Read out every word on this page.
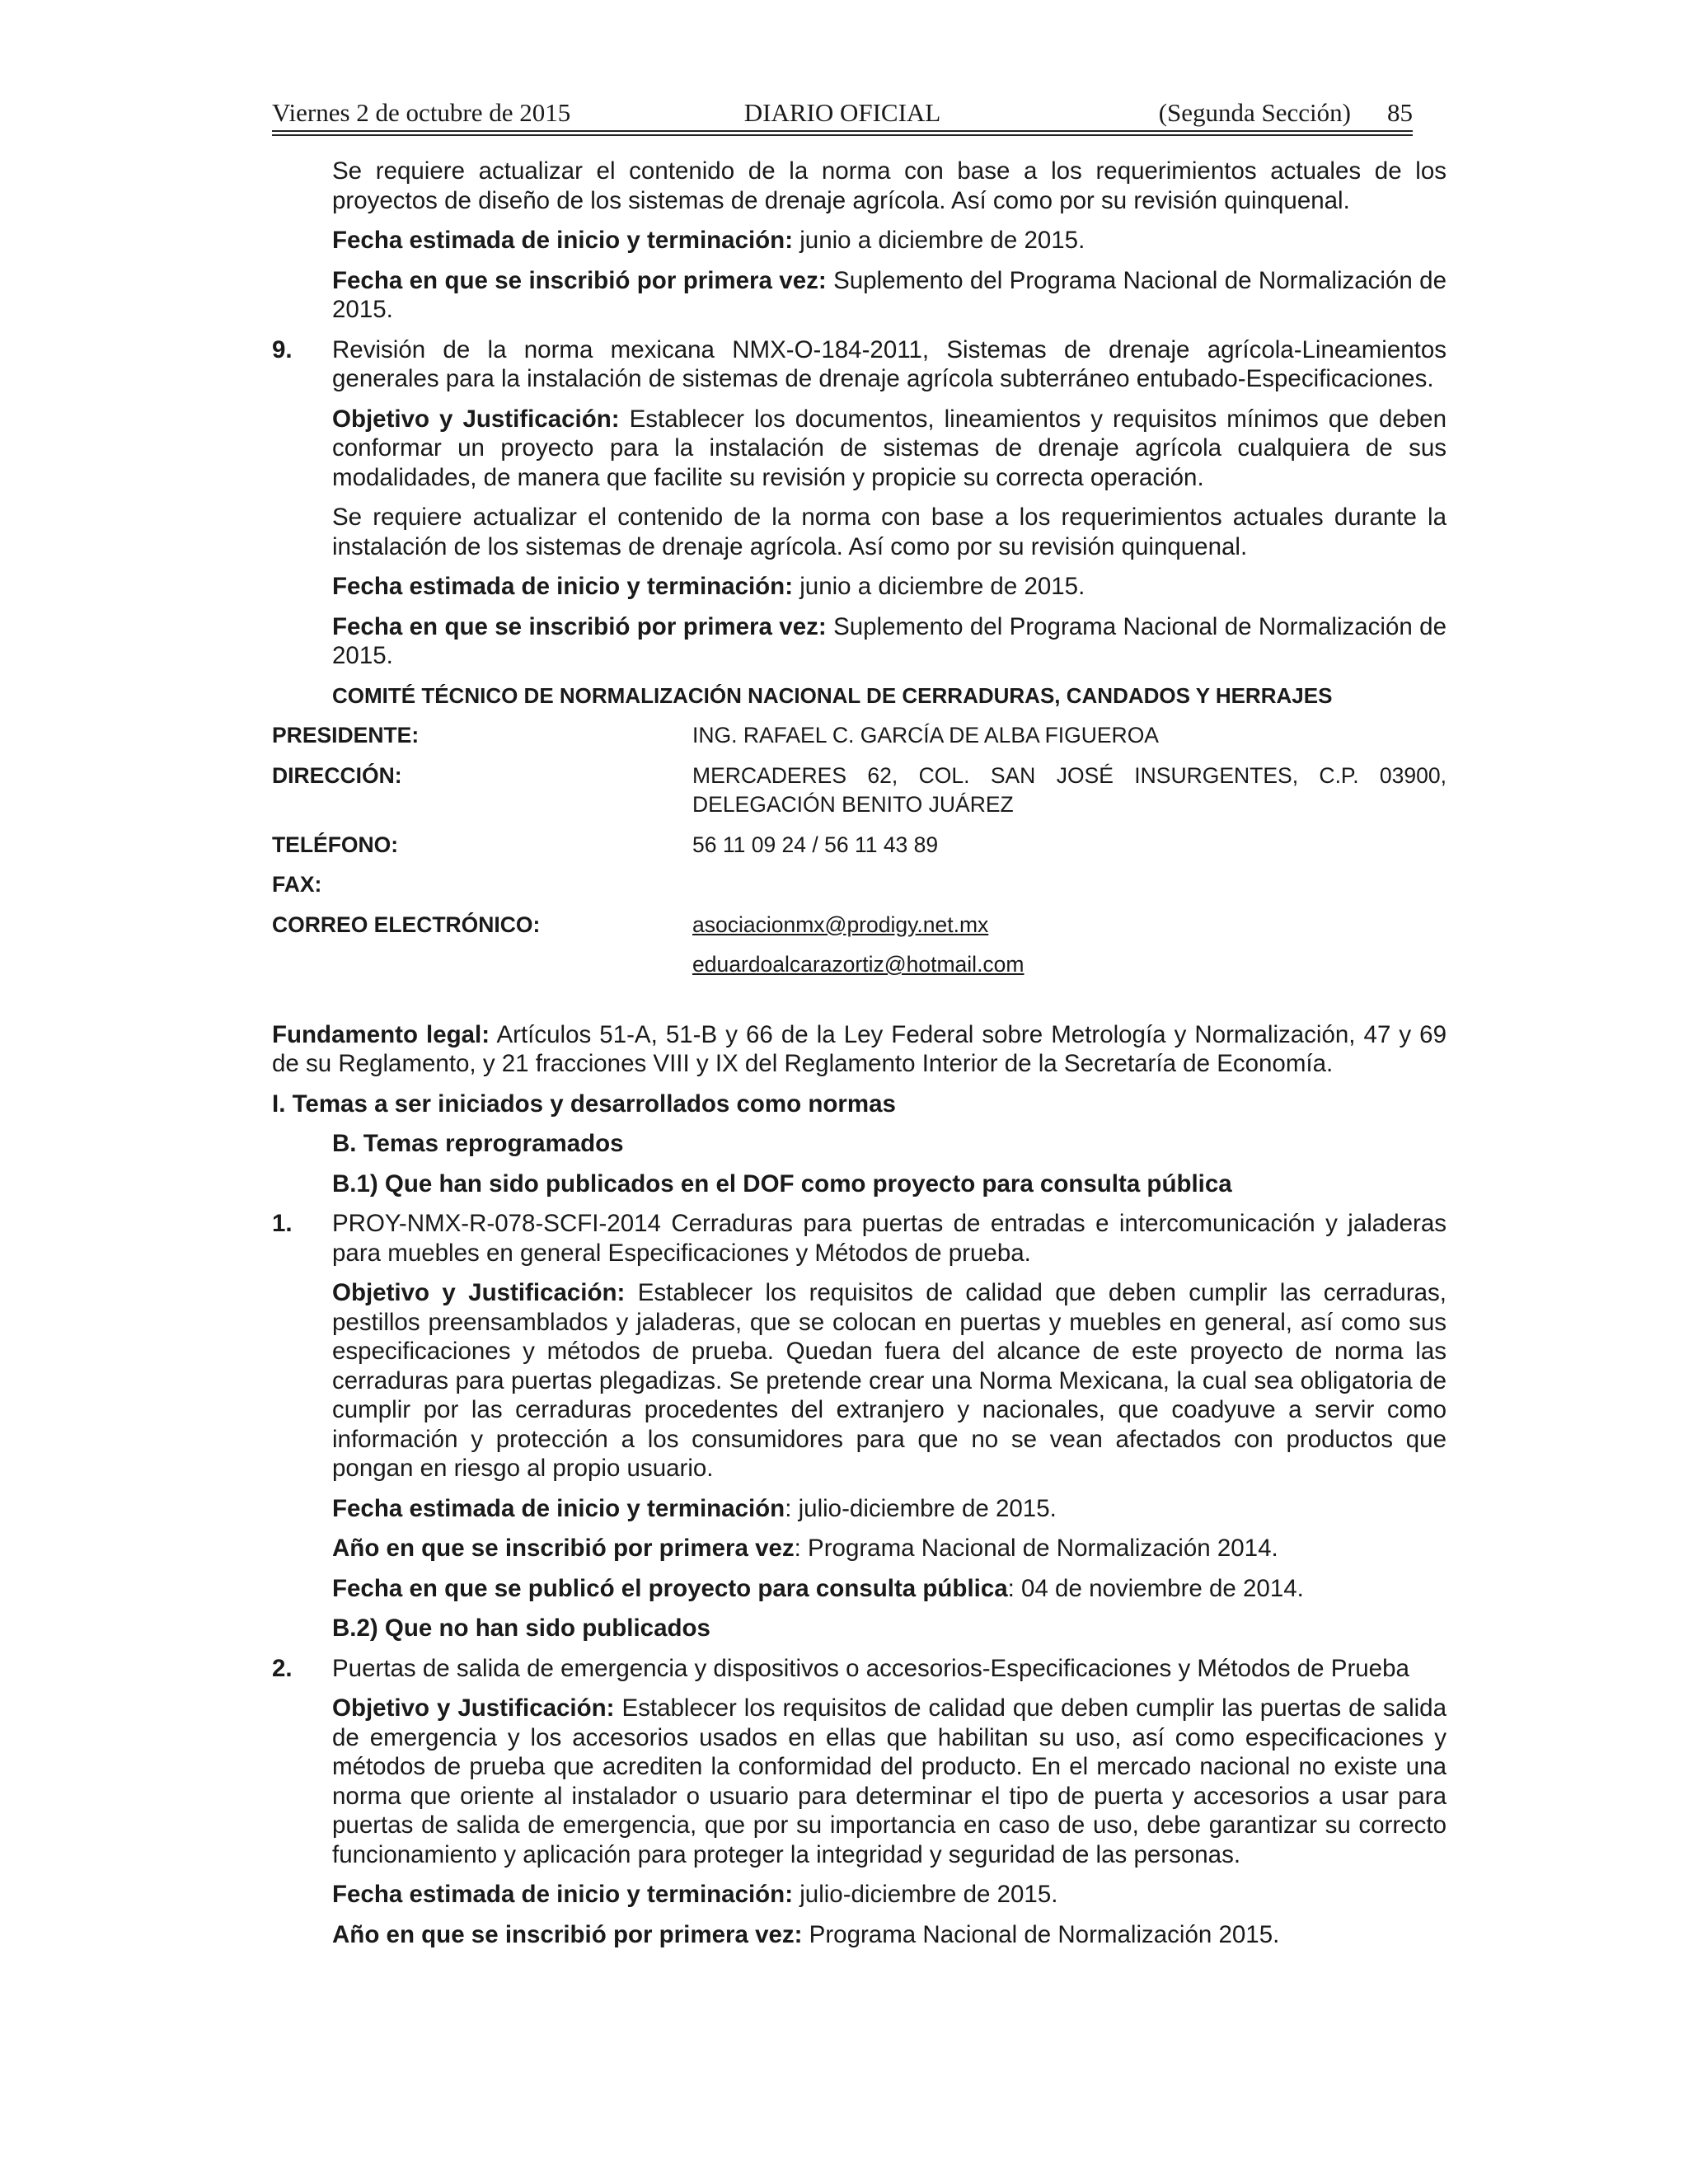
Viernes 2 de octubre de 2015	DIARIO OFICIAL	(Segunda Sección) 85

Se requiere actualizar el contenido de la norma con base a los requerimientos actuales de los proyectos de diseño de los sistemas de drenaje agrícola. Así como por su revisión quinquenal.

Fecha estimada de inicio y terminación: junio a diciembre de 2015.

Fecha en que se inscribió por primera vez: Suplemento del Programa Nacional de Normalización de 2015.

9. Revisión de la norma mexicana NMX-O-184-2011, Sistemas de drenaje agrícola-Lineamientos generales para la instalación de sistemas de drenaje agrícola subterráneo entubado-Especificaciones.

Objetivo y Justificación: Establecer los documentos, lineamientos y requisitos mínimos que deben conformar un proyecto para la instalación de sistemas de drenaje agrícola cualquiera de sus modalidades, de manera que facilite su revisión y propicie su correcta operación.

Se requiere actualizar el contenido de la norma con base a los requerimientos actuales durante la instalación de los sistemas de drenaje agrícola. Así como por su revisión quinquenal.

Fecha estimada de inicio y terminación: junio a diciembre de 2015.

Fecha en que se inscribió por primera vez: Suplemento del Programa Nacional de Normalización de 2015.

COMITÉ TÉCNICO DE NORMALIZACIÓN NACIONAL DE CERRADURAS, CANDADOS Y HERRAJES
PRESIDENTE:	ING. RAFAEL C. GARCÍA DE ALBA FIGUEROA
DIRECCIÓN:	MERCADERES 62, COL. SAN JOSÉ INSURGENTES, C.P. 03900, DELEGACIÓN BENITO JUÁREZ
TELÉFONO:	56 11 09 24 / 56 11 43 89
FAX:
CORREO ELECTRÓNICO:	asociacionmx@prodigy.net.mx
eduardoalcarazortiz@hotmail.com

Fundamento legal: Artículos 51-A, 51-B y 66 de la Ley Federal sobre Metrología y Normalización, 47 y 69 de su Reglamento, y 21 fracciones VIII y IX del Reglamento Interior de la Secretaría de Economía.

I. Temas a ser iniciados y desarrollados como normas
B. Temas reprogramados
B.1) Que han sido publicados en el DOF como proyecto para consulta pública
1. PROY-NMX-R-078-SCFI-2014 Cerraduras para puertas de entradas e intercomunicación y jaladeras para muebles en general Especificaciones y Métodos de prueba.

Objetivo y Justificación: Establecer los requisitos de calidad que deben cumplir las cerraduras, pestillos preensamblados y jaladeras, que se colocan en puertas y muebles en general, así como sus especificaciones y métodos de prueba. Quedan fuera del alcance de este proyecto de norma las cerraduras para puertas plegadizas. Se pretende crear una Norma Mexicana, la cual sea obligatoria de cumplir por las cerraduras procedentes del extranjero y nacionales, que coadyuve a servir como información y protección a los consumidores para que no se vean afectados con productos que pongan en riesgo al propio usuario.

Fecha estimada de inicio y terminación: julio-diciembre de 2015.

Año en que se inscribió por primera vez: Programa Nacional de Normalización 2014.

Fecha en que se publicó el proyecto para consulta pública: 04 de noviembre de 2014.

B.2) Que no han sido publicados
2. Puertas de salida de emergencia y dispositivos o accesorios-Especificaciones y Métodos de Prueba

Objetivo y Justificación: Establecer los requisitos de calidad que deben cumplir las puertas de salida de emergencia y los accesorios usados en ellas que habilitan su uso, así como especificaciones y métodos de prueba que acrediten la conformidad del producto. En el mercado nacional no existe una norma que oriente al instalador o usuario para determinar el tipo de puerta y accesorios a usar para puertas de salida de emergencia, que por su importancia en caso de uso, debe garantizar su correcto funcionamiento y aplicación para proteger la integridad y seguridad de las personas.

Fecha estimada de inicio y terminación: julio-diciembre de 2015.

Año en que se inscribió por primera vez: Programa Nacional de Normalización 2015.
